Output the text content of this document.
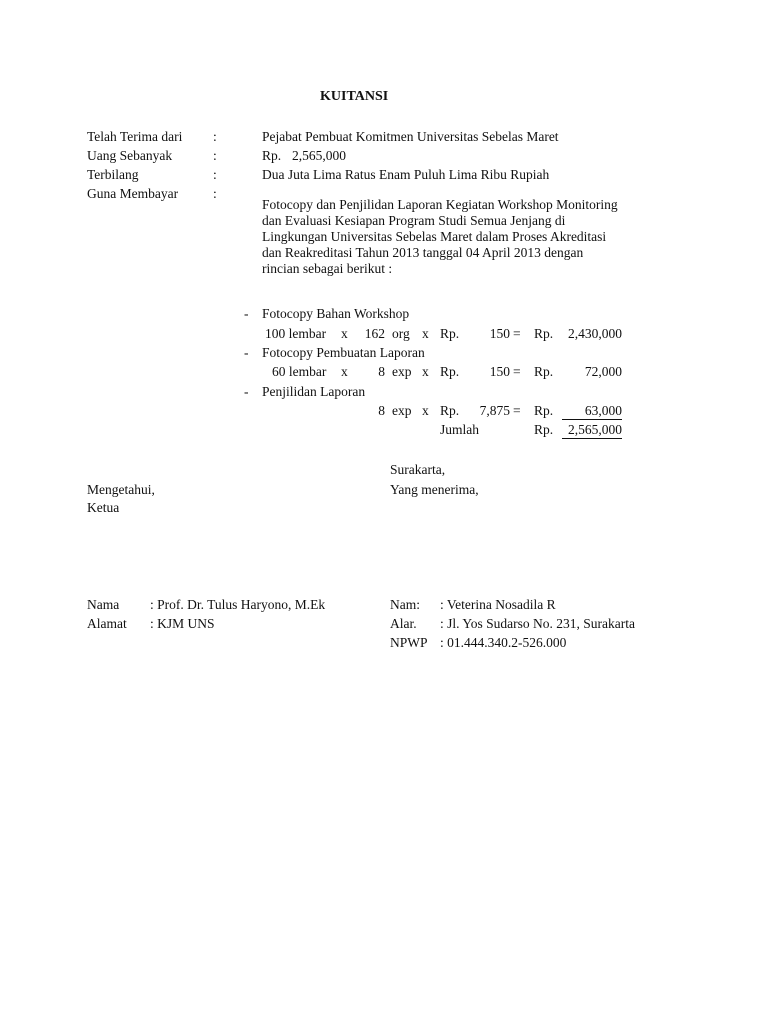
KUITANSI
Telah Terima dari :	Pejabat Pembuat Komitmen Universitas Sebelas Maret
Uang Sebanyak	:	Rp. 2,565,000
Terbilang	:	Dua Juta Lima Ratus Enam Puluh Lima Ribu Rupiah
Guna Membayar	:
Fotocopy dan Penjilidan Laporan Kegiatan Workshop Monitoring dan Evaluasi Kesiapan Program Studi Semua Jenjang di Lingkungan Universitas Sebelas Maret dalam Proses Akreditasi dan Reakreditasi Tahun 2013 tanggal 04 April 2013 dengan rincian sebagai berikut :
- Fotocopy Bahan Workshop
100 lembar x	162 org x Rp.	150 = Rp.	2,430,000
- Fotocopy Pembuatan Laporan
60 lembar x	8 exp x Rp.	150 = Rp.	72,000
- Penjilidan Laporan
8 exp x Rp.	7,875 = Rp.	63,000
Jumlah	Rp.	2,565,000
Surakarta,
Mengetahui,
Ketua
Nama : Prof. Dr. Tulus Haryono, M.Ek
Alamat : KJM UNS
Yang menerima,
Nam: : Veterina Nosadila R
Alar. : Jl. Yos Sudarso No. 231, Surakarta
NPWP : 01.444.340.2-526.000
